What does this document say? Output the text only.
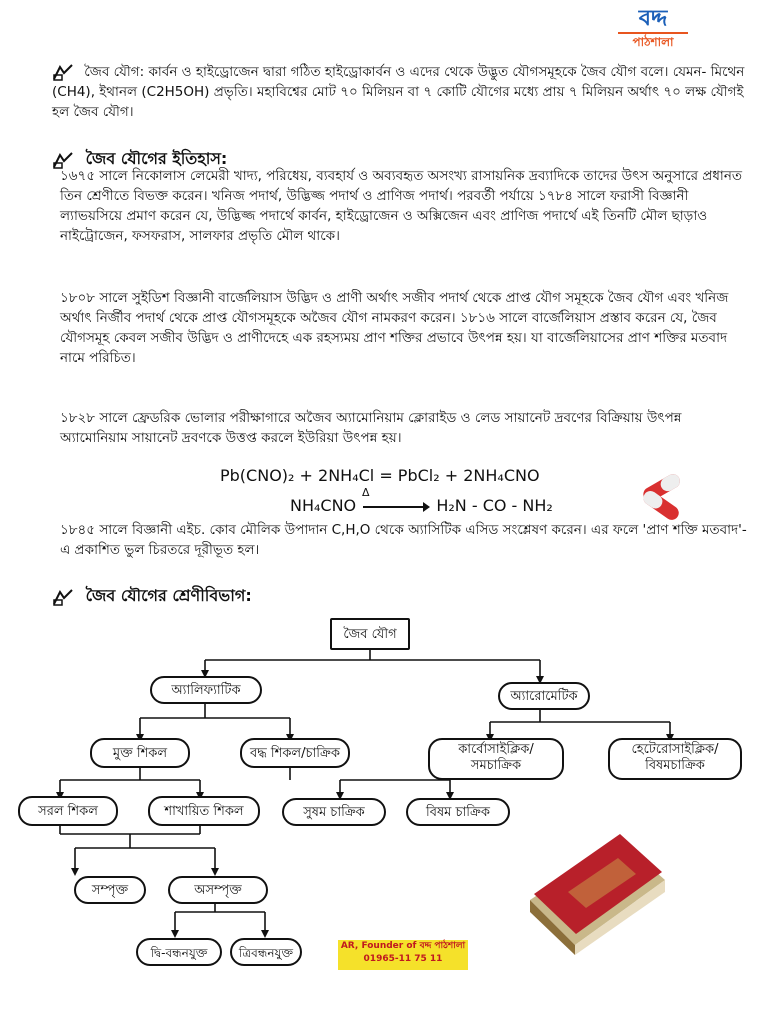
বদ্দ
পাঠশালা
জৈব যৌগ: কার্বন ও হাইড্রোজেন দ্বারা গঠিত হাইড্রোকার্বন ও এদের থেকে উদ্ভুত যৌগসমূহকে জৈব যৌগ বলে। যেমন- মিথেন (CH4), ইথানল (C2H5OH) প্রভৃতি। মহাবিশ্বের মোট ৭০ মিলিয়ন বা ৭ কোটি যৌগের মধ্যে প্রায় ৭ মিলিয়ন অর্থাৎ ৭০ লক্ষ যৌগই হল জৈব যৌগ।
জৈব যৌগের ইতিহাস:
১৬৭৫ সালে নিকোলাস লেমেরী খাদ্য, পরিধেয়, ব্যবহার্য ও অব্যবহৃত অসংখ্য রাসায়নিক দ্রব্যাদিকে তাদের উৎস অনুসারে প্রধানত তিন শ্রেণীতে বিভক্ত করেন। খনিজ পদার্থ, উদ্ভিজ্জ পদার্থ ও প্রাণিজ পদার্থ। পরবর্তী পর্যায়ে ১৭৮৪ সালে ফরাসী বিজ্ঞানী ল্যাভয়সিয়ে প্রমাণ করেন যে, উদ্ভিজ্জ পদার্থে কার্বন, হাইড্রোজেন ও অক্সিজেন এবং প্রাণিজ পদার্থে এই তিনটি মৌল ছাড়াও নাইট্রোজেন, ফসফরাস, সালফার প্রভৃতি মৌল থাকে।
১৮০৮ সালে সুইডিশ বিজ্ঞানী বার্জেলিয়াস উদ্ভিদ ও প্রাণী অর্থাৎ সজীব পদার্থ থেকে প্রাপ্ত যৌগ সমূহকে জৈব যৌগ এবং খনিজ অর্থাৎ নির্জীব পদার্থ থেকে প্রাপ্ত যৌগসমূহকে অজৈব যৌগ নামকরণ করেন। ১৮১৬ সালে বার্জেলিয়াস প্রস্তাব করেন যে, জৈব যৌগসমূহ কেবল সজীব উদ্ভিদ ও প্রাণীদেহে এক রহস্যময় প্রাণ শক্তির প্রভাবে উৎপন্ন হয়। যা বার্জেলিয়াসের প্রাণ শক্তির মতবাদ নামে পরিচিত।
১৮২৮ সালে ফ্রেডরিক ভোলার পরীক্ষাগারে অজৈব অ্যামোনিয়াম ক্লোরাইড ও লেড সায়ানেট দ্রবণের বিক্রিয়ায় উৎপন্ন অ্যামোনিয়াম সায়ানেট দ্রবণকে উত্তপ্ত করলে ইউরিয়া উৎপন্ন হয়।
Pb(CNO)₂ + 2NH₄Cl = PbCl₂ + 2NH₄CNO
NH₄CNO	H₂N - CO - NH₂
Δ
১৮৪৫ সালে বিজ্ঞানী এইচ. কোব মৌলিক উপাদান C,H,O থেকে অ্যাসিটিক এসিড সংশ্লেষণ করেন। এর ফলে 'প্রাণ শক্তি মতবাদ'-এ প্রকাশিত ভুল চিরতরে দূরীভূত হল।
জৈব যৌগের শ্রেণীবিভাগ:
জৈব যৌগ
অ্যালিফ্যাটিক	অ্যারোমেটিক
মুক্ত শিকল	বদ্ধ শিকল/চাক্রিক	কার্বোসাইক্লিক/ সমচাক্রিক
হেটেরোসাইক্লিক/ বিষমচাক্রিক
সরল শিকল	শাখায়িত শিকল	সুষম চাক্রিক	বিষম চাক্রিক
সম্পৃক্ত	অসম্পৃক্ত
দ্বি-বন্ধনযুক্ত	ত্রিবন্ধনযুক্ত	AR, Founder of বদ্দ পাঠশালা
01965-11 75 11
